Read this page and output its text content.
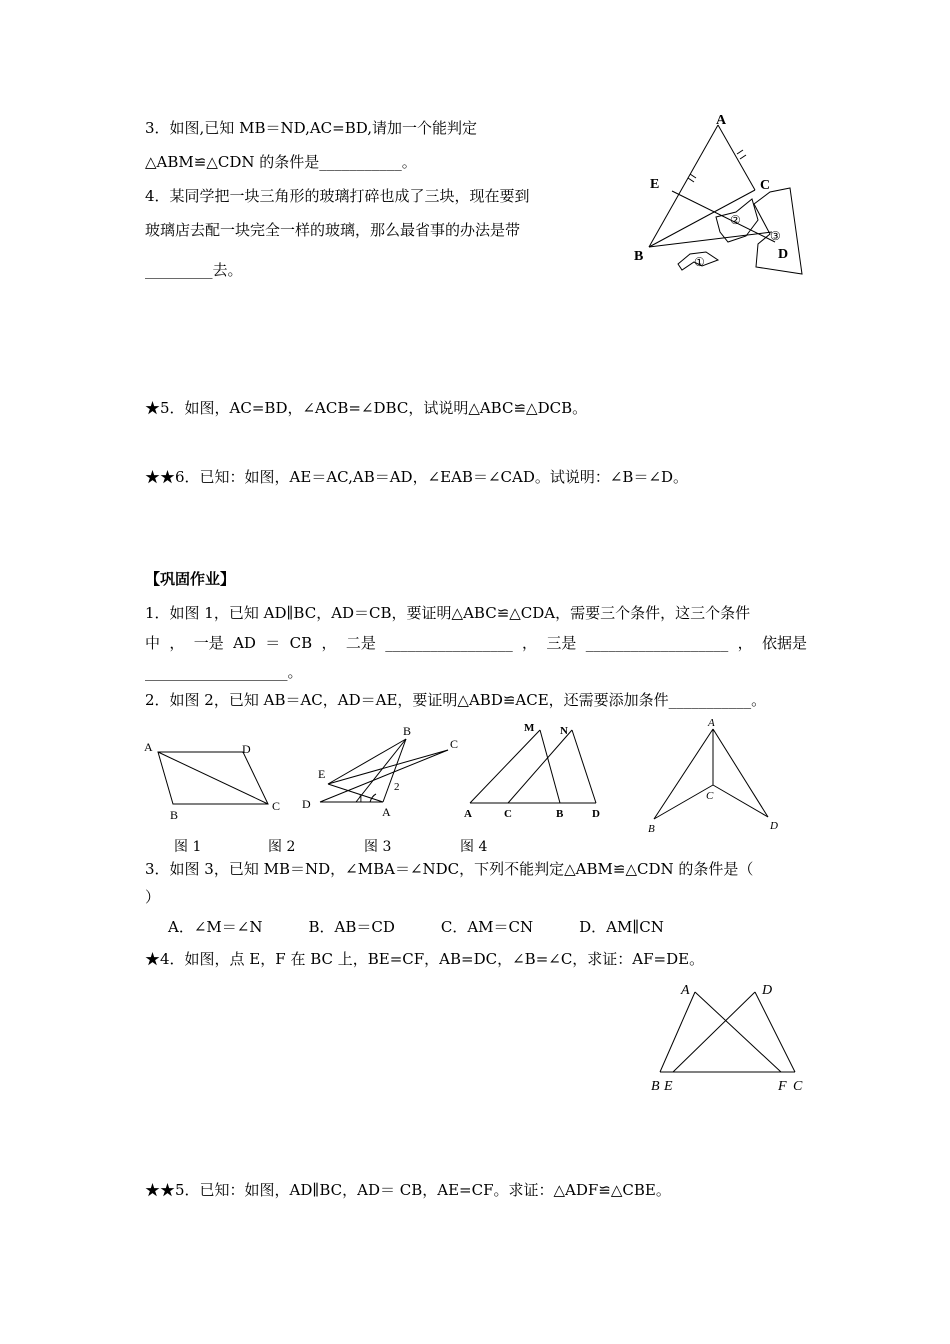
3．如图,已知 MB＝ND,AC=BD,请加一个能判定
△ABM≌△CDN 的条件是___________。
4．某同学把一块三角形的玻璃打碎也成了三块，现在要到
玻璃店去配一块完全一样的玻璃，那么最省事的办法是带
_________去。
A
E	C
B	D
①
②
③
★5．如图，AC=BD，∠ACB=∠DBC，试说明△ABC≌△DCB。
★★6．已知：如图，AE＝AC,AB＝AD，∠EAB＝∠CAD。试说明：∠B＝∠D。
【巩固作业】
1．如图 1，已知 AD∥BC，AD＝CB，要证明△ABC≌△CDA，需要三个条件，这三个条件
中 ， 一是 AD ＝ CB ， 二是 _________________ ， 三是 ___________________ ， 依据是
___________________。
2．如图 2，已知 AB＝AC，AD＝AE，要证明△ABD≌ACE，还需要添加条件___________。
A	D
B
C
B
C
E
D
A
1
2
M N
A	C	B	D
A
C
B	D
图 1	图 2	图 3	图 4
3．如图 3，已知 MB＝ND，∠MBA＝∠NDC，下列不能判定△ABM≌△CDN 的条件是（
）
A．∠M＝∠N	B．AB＝CD	C．AM＝CN	D．AM∥CN
★4．如图，点 E，F 在 BC 上，BE=CF，AB=DC，∠B=∠C，求证：AF=DE。
A	D
B E	F C
★★5．已知：如图，AD∥BC，AD＝ CB，AE=CF。求证：△ADF≌△CBE。
